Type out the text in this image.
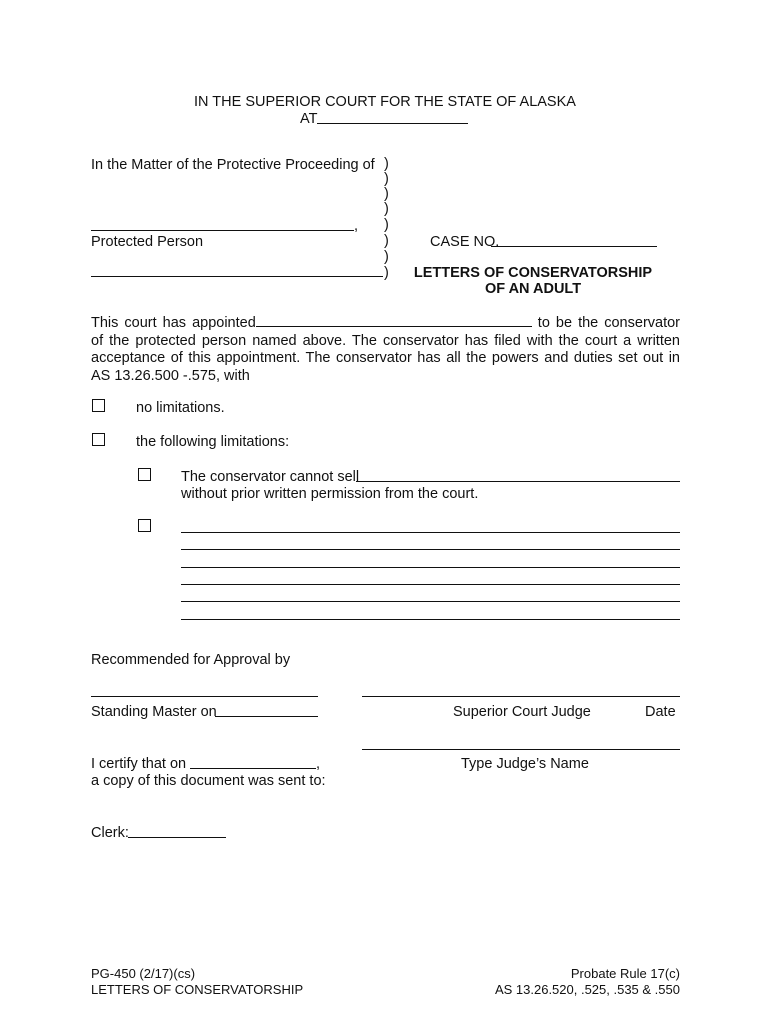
IN THE SUPERIOR COURT FOR THE STATE OF ALASKA
AT
In the Matter of the Protective Proceeding of
,
Protected Person
)
)
)
)
)
)
)
)
CASE NO.
LETTERS OF CONSERVATORSHIP
OF AN ADULT
This court has appointed	to be the conservator of the protected person named above. The conservator has filed with the court a written acceptance of this appointment. The conservator has all the powers and duties set out in AS 13.26.500 -.575, with
no limitations.
the following limitations:
The conservator cannot sell
without prior written permission from the court.
Recommended for Approval by
Standing Master on	Superior Court Judge	Date
I certify that on	,	Type Judge’s Name
a copy of this document was sent to:
Clerk:
PG-450 (2/17)(cs)
LETTERS OF CONSERVATORSHIP
Probate Rule 17(c)
AS 13.26.520, .525, .535 & .550
